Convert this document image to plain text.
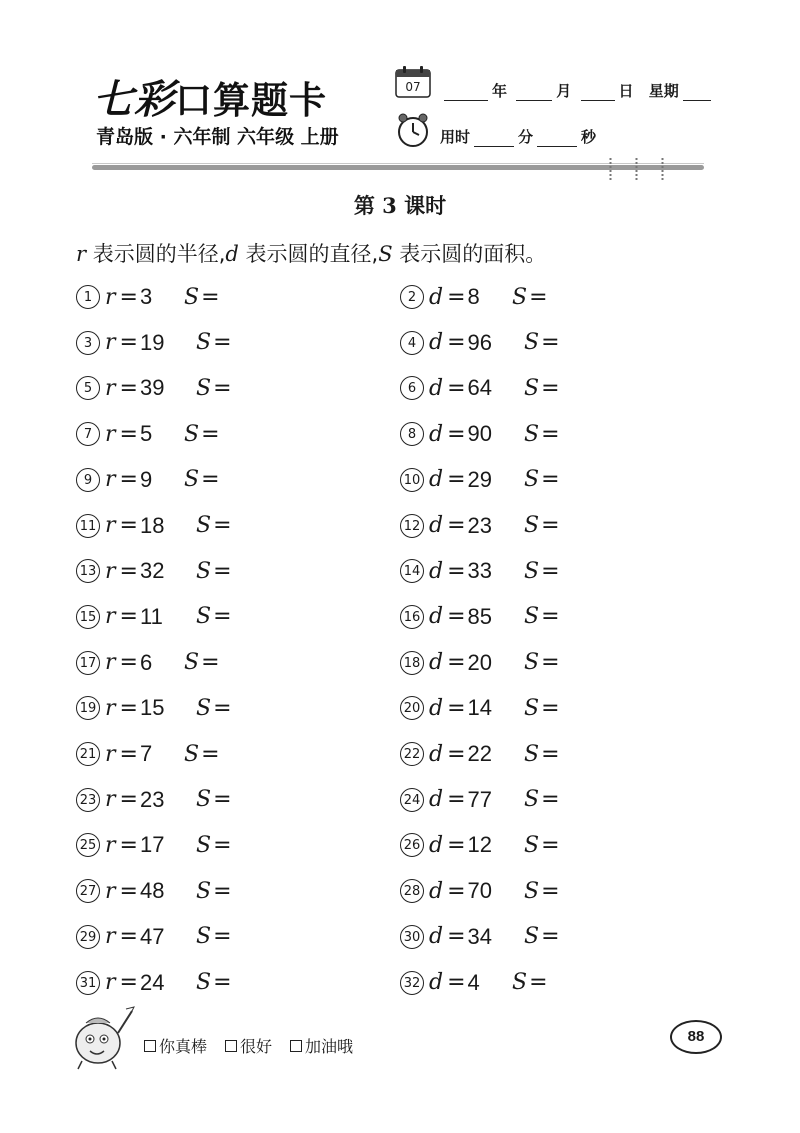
七彩口算题卡
青岛版 · 六年制 六年级 上册
07	年	月	日 星期
用时	分	秒
第 3 课时
r 表示圆的半径,d 表示圆的直径,S 表示圆的面积。
1 r = 3 S=
3 r = 19 S=
5 r = 39 S=
7 r = 5 S=
9 r = 9 S=
11 r = 18 S=
13 r = 32 S=
15 r = 11 S=
17 r = 6 S=
19 r = 15 S=
21 r = 7 S=
23 r = 23 S=
25 r = 17 S=
27 r = 48 S=
29 r = 47 S=
31 r = 24 S=
2 d = 8 S=
4 d = 96 S=
6 d = 64 S=
8 d = 90 S=
10 d = 29 S=
12 d = 23 S=
14 d = 33 S=
16 d = 85 S=
18 d = 20 S=
20 d = 14 S=
22 d = 22 S=
24 d = 77 S=
26 d = 12 S=
28 d = 70 S=
30 d = 34 S=
32 d = 4 S=
你真棒 很好 加油哦
88
